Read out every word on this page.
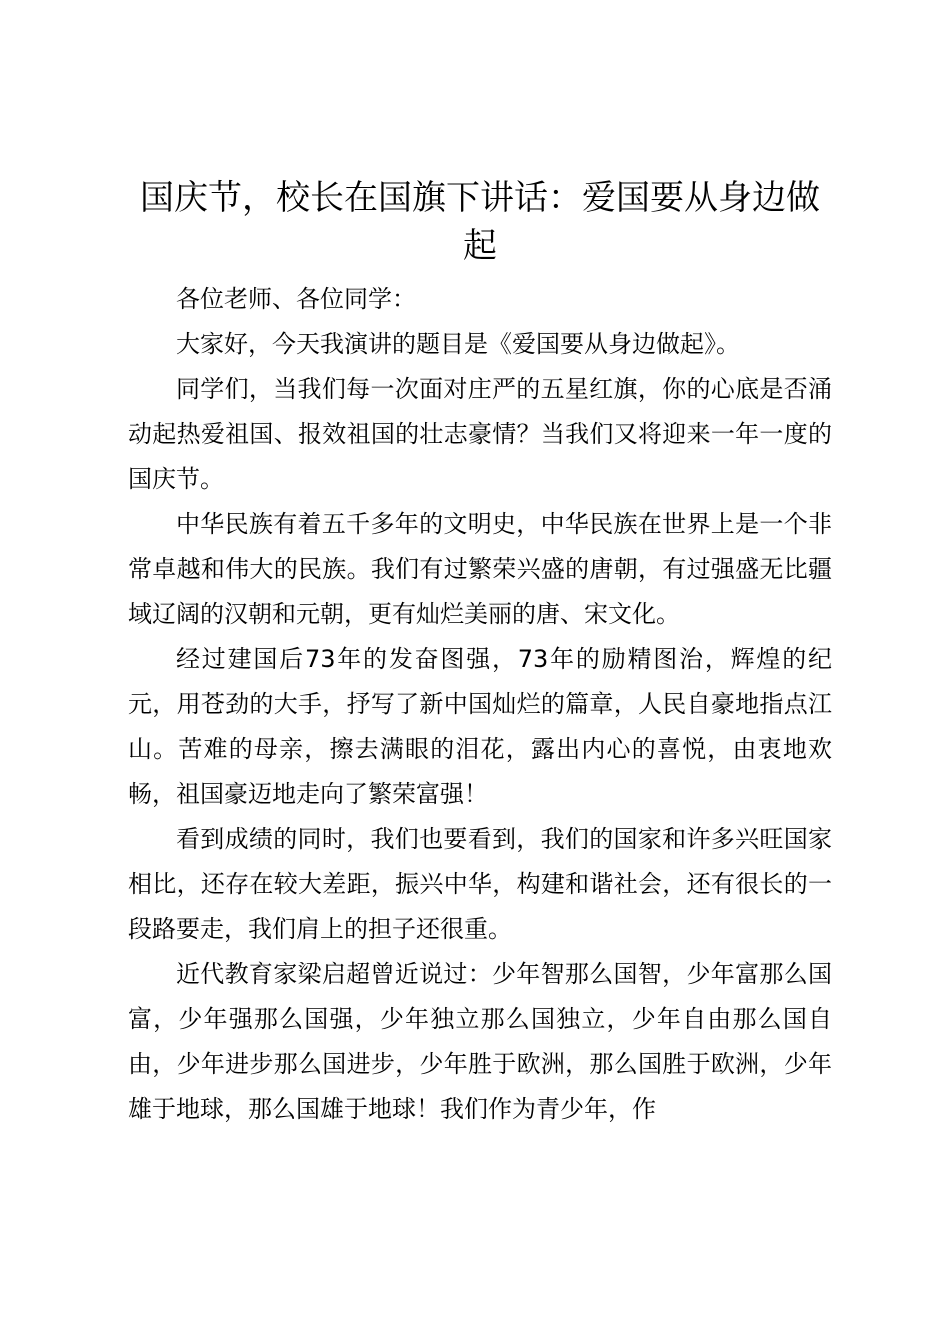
国庆节，校长在国旗下讲话：爱国要从身边做起

各位老师、各位同学：

大家好，今天我演讲的题目是《爱国要从身边做起》。

同学们，当我们每一次面对庄严的五星红旗，你的心底是否涌动起热爱祖国、报效祖国的壮志豪情？当我们又将迎来一年一度的国庆节。

中华民族有着五千多年的文明史，中华民族在世界上是一个非常卓越和伟大的民族。我们有过繁荣兴盛的唐朝，有过强盛无比疆域辽阔的汉朝和元朝，更有灿烂美丽的唐、宋文化。

经过建国后73年的发奋图强，73年的励精图治，辉煌的纪元，用苍劲的大手，抒写了新中国灿烂的篇章，人民自豪地指点江山。苦难的母亲，擦去满眼的泪花，露出内心的喜悦，由衷地欢畅，祖国豪迈地走向了繁荣富强！

看到成绩的同时，我们也要看到，我们的国家和许多兴旺国家相比，还存在较大差距，振兴中华，构建和谐社会，还有很长的一段路要走，我们肩上的担子还很重。

近代教育家梁启超曾近说过：少年智那么国智，少年富那么国富，少年强那么国强，少年独立那么国独立，少年自由那么国自由，少年进步那么国进步，少年胜于欧洲，那么国胜于欧洲，少年雄于地球，那么国雄于地球！我们作为青少年，作
